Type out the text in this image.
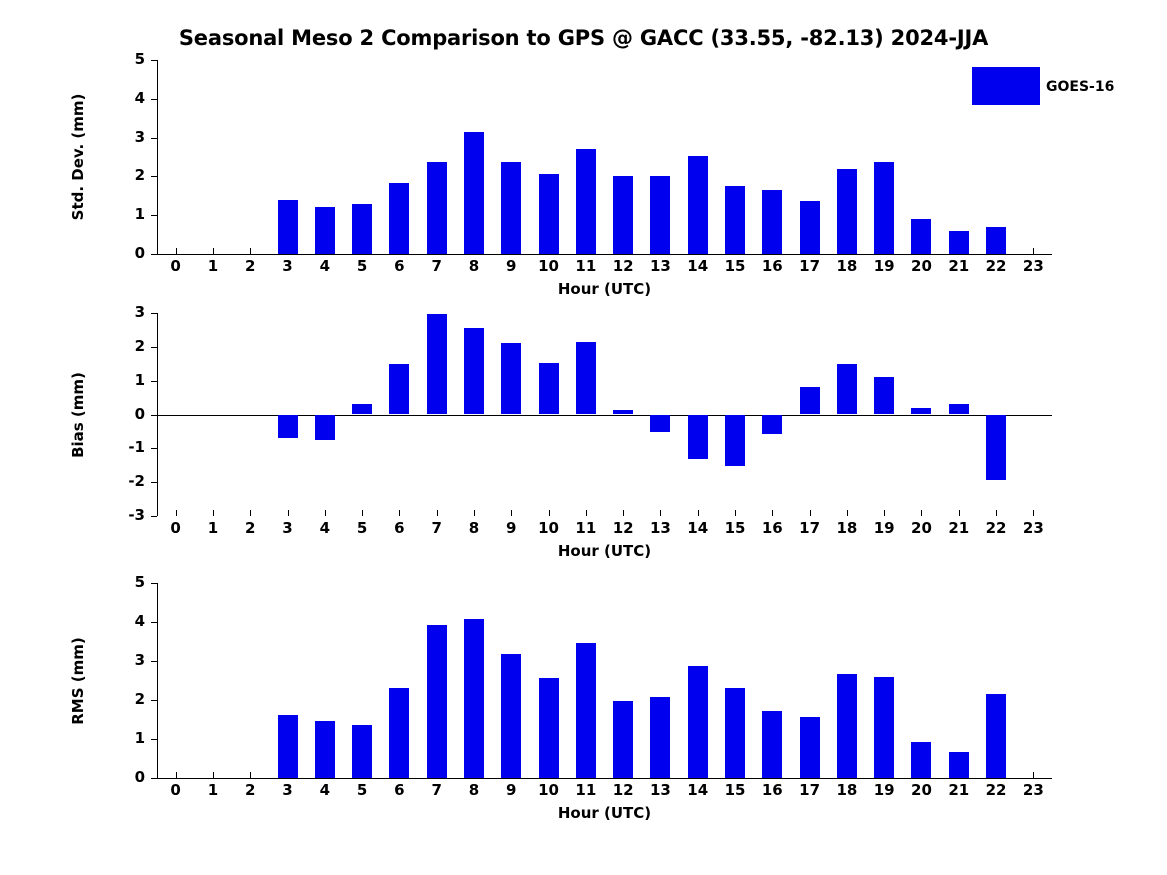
Seasonal Meso 2 Comparison to GPS @ GACC (33.55, -82.13) 2024-JJA
0
1
2
3
4
5
0	1	2	3	4	5	6	7	8	9	10	11	12	13	14	15	16	17	18	19	20	21	22	23
Hour (UTC)
Std. Dev. (mm)
-3
-2
-1
0
1
2
3
0	1	2	3	4	5	6	7	8	9	10	11	12	13	14	15	16	17	18	19	20	21	22	23
Hour (UTC)
Bias (mm)
0
1
2
3
4
5
0	1	2	3	4	5	6	7	8	9	10	11	12	13	14	15	16	17	18	19	20	21	22	23
Hour (UTC)
RMS (mm)
GOES-16
